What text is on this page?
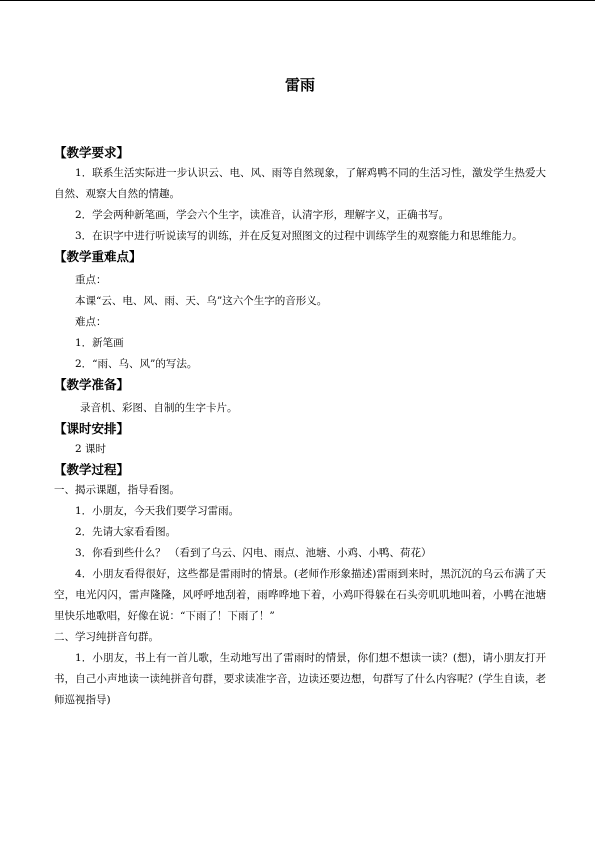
雷雨
【教学要求】
1．联系生活实际进一步认识云、电、风、雨等自然现象，了解鸡鸭不同的生活习性，激发学生热爱大自然、观察大自然的情趣。
2．学会两种新笔画，学会六个生字，读准音，认清字形，理解字义，正确书写。
3．在识字中进行听说读写的训练，并在反复对照图文的过程中训练学生的观察能力和思维能力。
【教学重难点】
重点：
本课“云、电、风、雨、天、乌”这六个生字的音形义。
难点：
1．新笔画
2．“雨、乌、风”的写法。
【教学准备】
录音机、彩图、自制的生字卡片。
【课时安排】
2 课时
【教学过程】
一、揭示课题，指导看图。
1．小朋友，今天我们要学习雷雨。
2．先请大家看看图。
3．你看到些什么？ （看到了乌云、闪电、雨点、池塘、小鸡、小鸭、荷花）
4．小朋友看得很好，这些都是雷雨时的情景。(老师作形象描述)雷雨到来时，黑沉沉的乌云布满了天空，电光闪闪，雷声隆隆，风呼呼地刮着，雨哗哗地下着，小鸡吓得躲在石头旁叽叽地叫着，小鸭在池塘里快乐地歌唱，好像在说：“下雨了！下雨了！”
二、学习纯拼音句群。
1．小朋友，书上有一首儿歌，生动地写出了雷雨时的情景，你们想不想读一读？(想)，请小朋友打开书，自己小声地读一读纯拼音句群，要求读准字音，边读还要边想，句群写了什么内容呢？(学生自读，老师巡视指导)
